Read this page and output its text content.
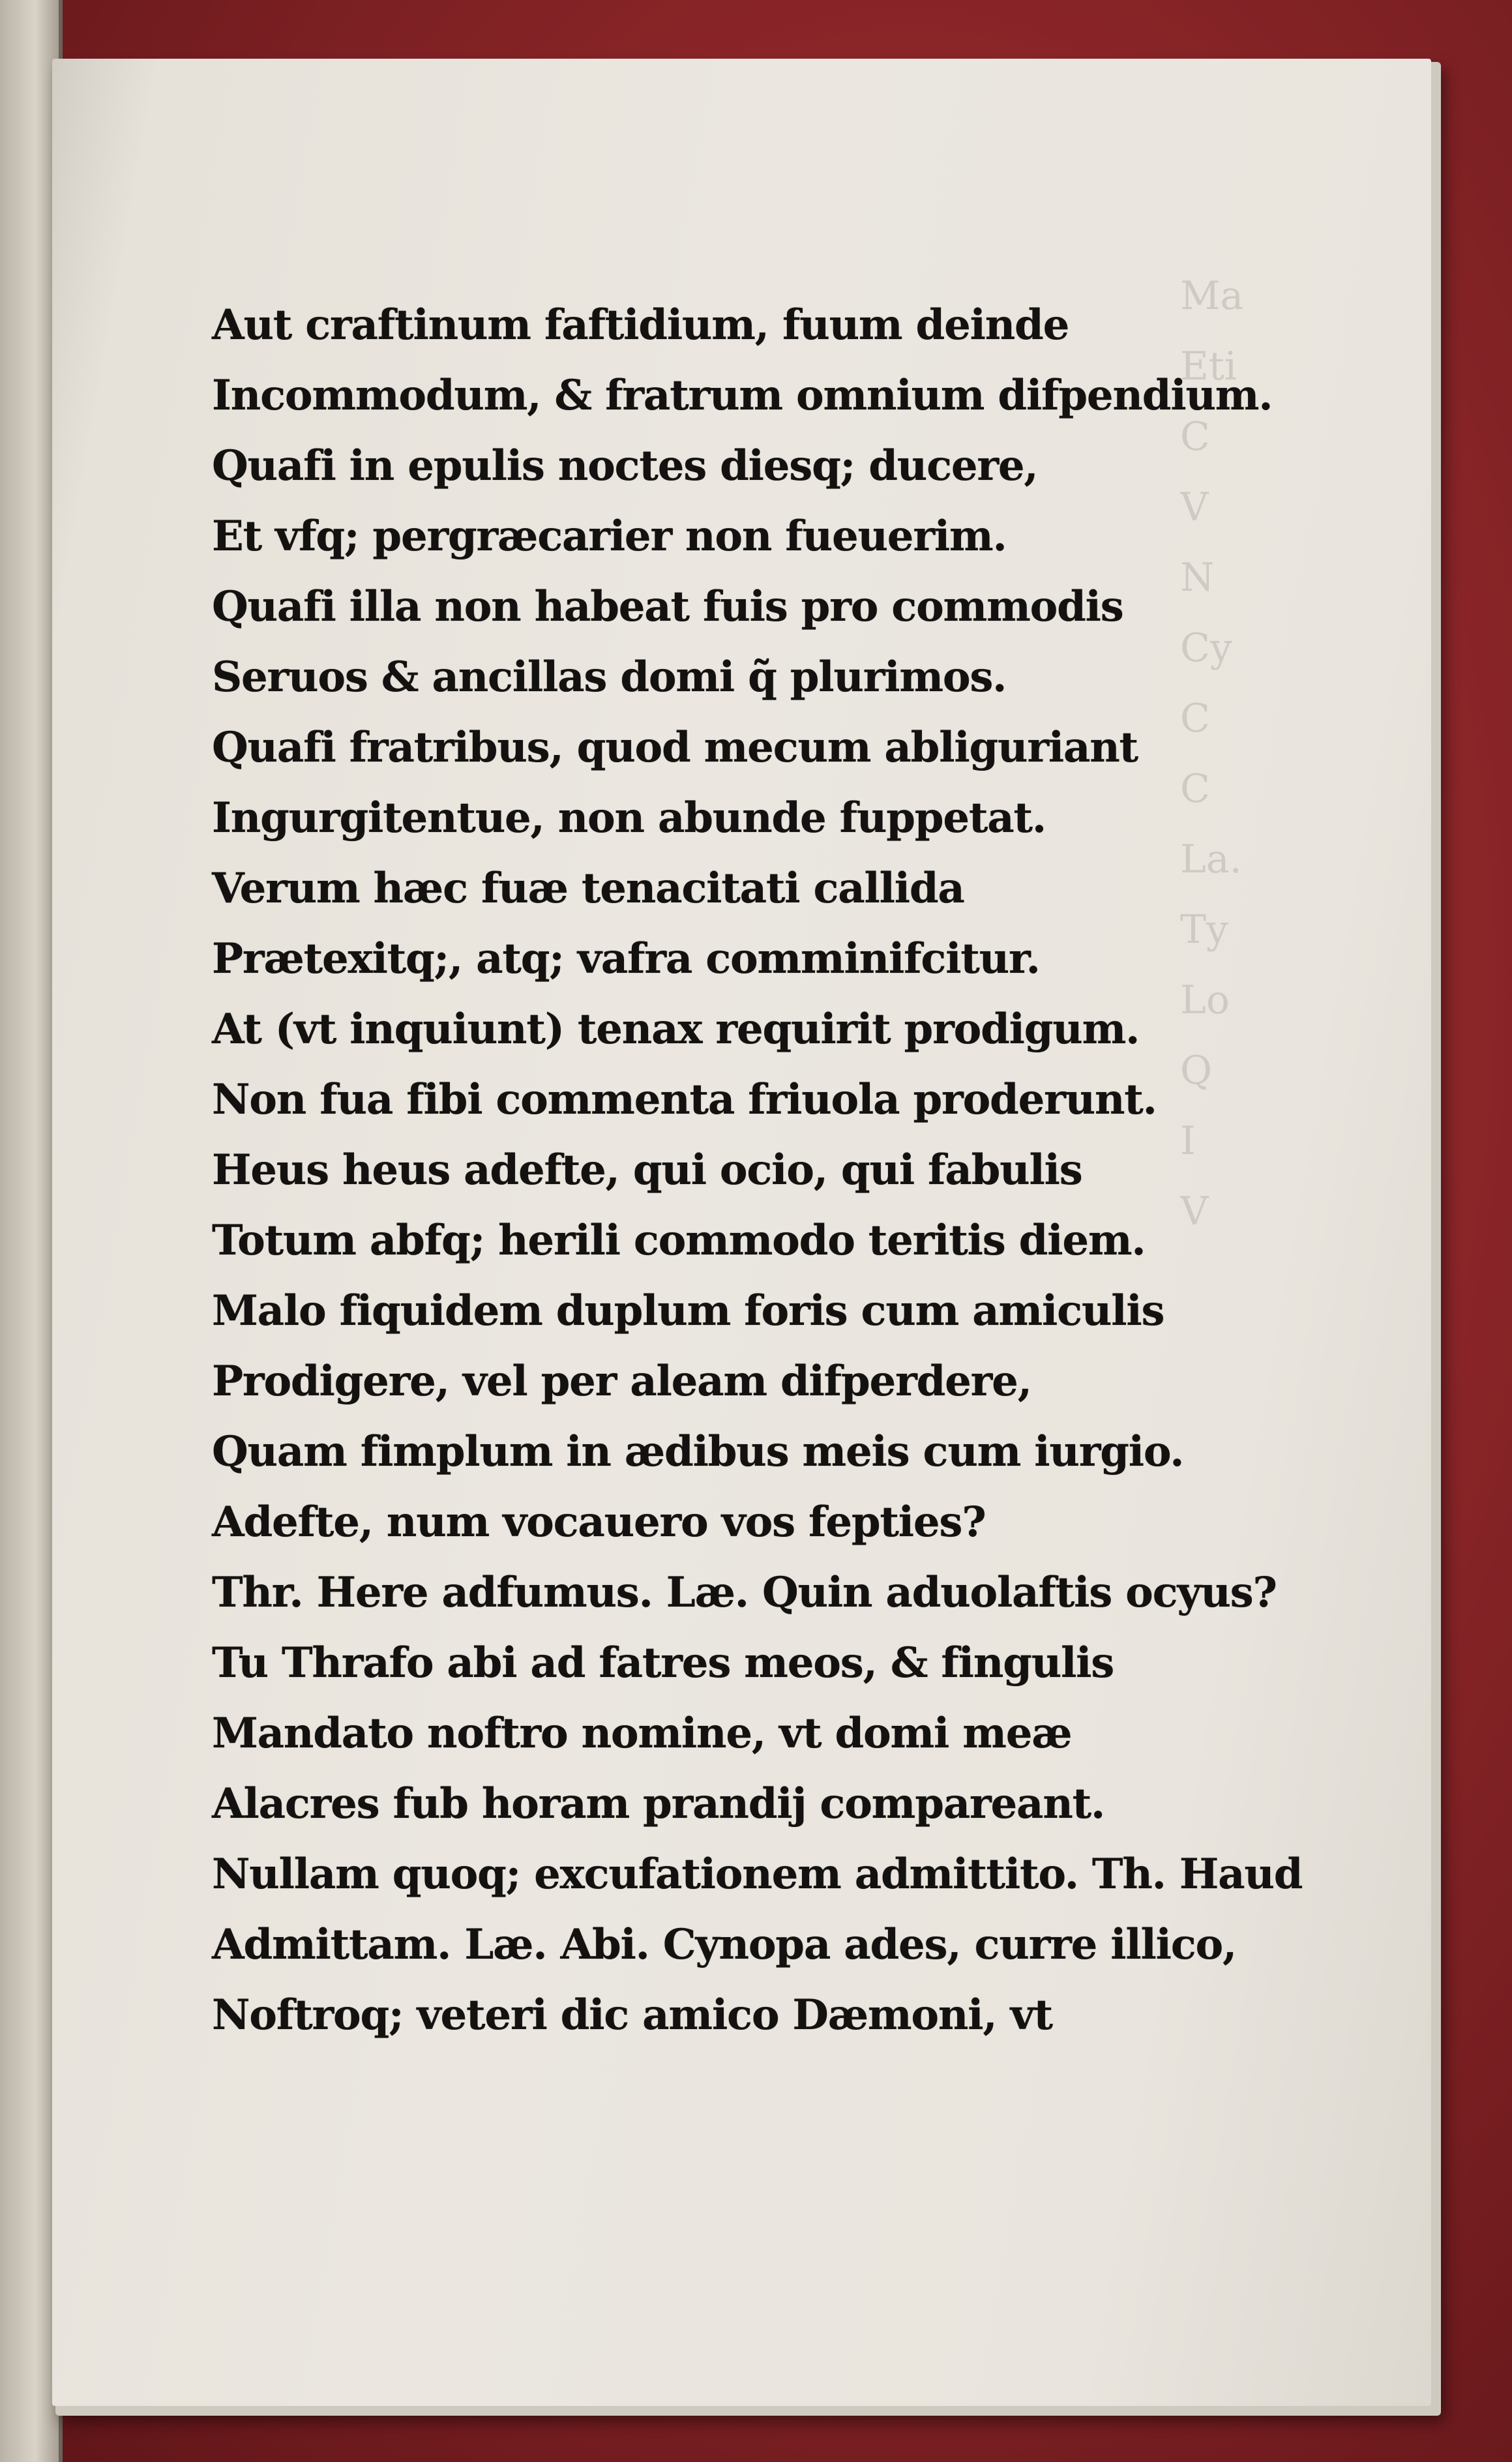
Ma
Eti
C
V
N
Cy
C
C
La.
Ty
Lo
Q
I
V
Aut craftinum faftidium, fuum deinde
Incommodum, & fratrum omnium difpendium.
Quafi in epulis noctes diesq; ducere,
Et vfq; pergræcarier non fueuerim.
Quafi illa non habeat fuis pro commodis
Seruos & ancillas domi q̃ plurimos.
Quafi fratribus, quod mecum abliguriant
Ingurgitentue, non abunde fuppetat.
Verum hæc fuæ tenacitati callida
Prætexitq;, atq; vafra comminifcitur.
At (vt inquiunt) tenax requirit prodigum.
Non fua fibi commenta friuola proderunt.
Heus heus adefte, qui ocio, qui fabulis
Totum abfq; herili commodo teritis diem.
Malo fiquidem duplum foris cum amiculis
Prodigere, vel per aleam difperdere,
Quam fimplum in ædibus meis cum iurgio.
Adefte, num vocauero vos fepties?
Thr. Here adfumus. Læ. Quin aduolaftis ocyus?
Tu Thrafo abi ad fatres meos, & fingulis
Mandato noftro nomine, vt domi meæ
Alacres fub horam prandij compareant.
Nullam quoq; excufationem admittito. Th. Haud
Admittam. Læ. Abi. Cynopa ades, curre illico,
Noftroq; veteri dic amico Dæmoni, vt
